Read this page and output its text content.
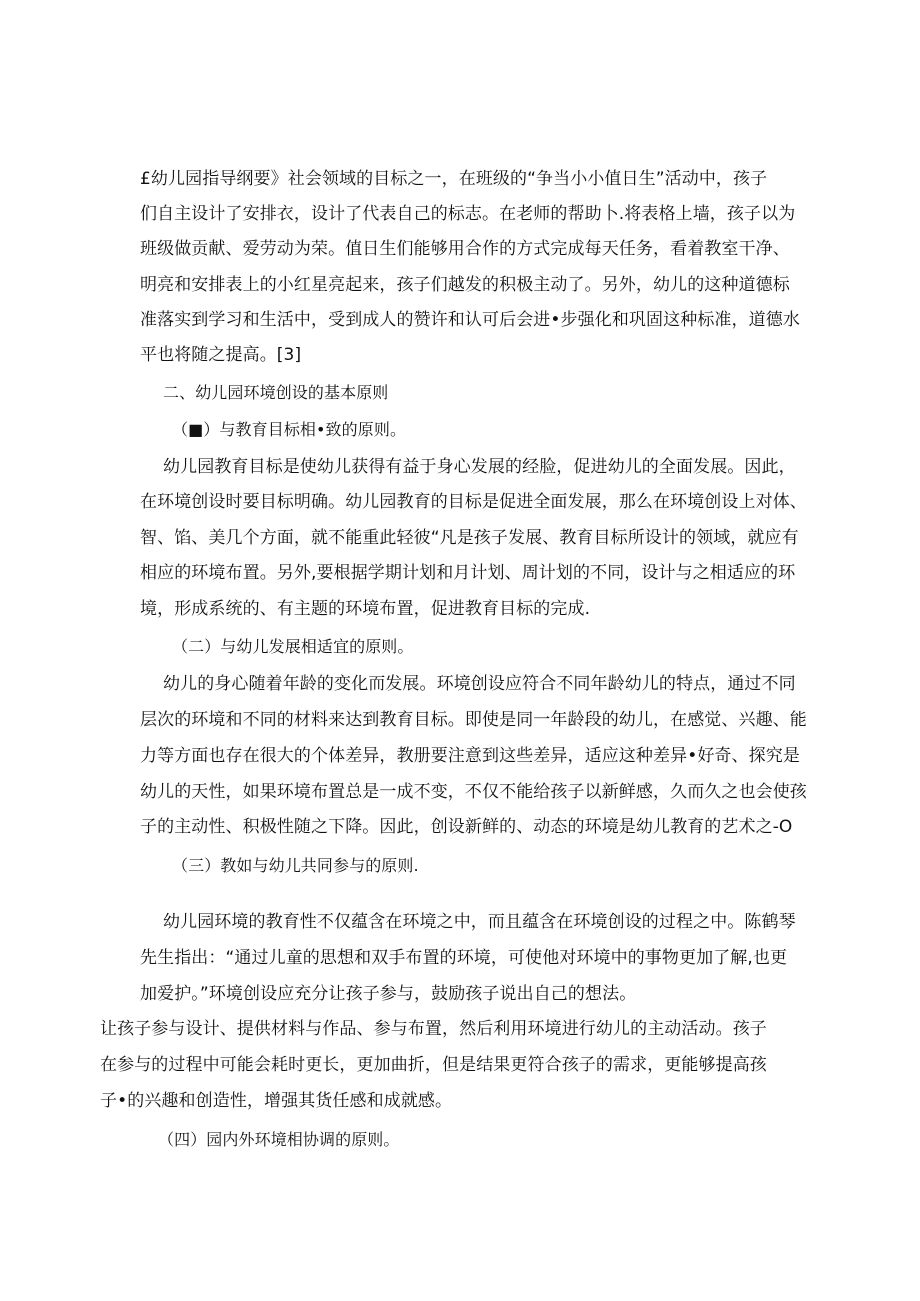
£幼儿园指导纲要》社会领域的目标之一，在班级的“争当小小值日生”活动中，孩子
们自主设计了安排衣，设计了代表自己的标志。在老师的帮助卜.将表格上墙，孩子以为
班级做贡献、爱劳动为荣。值日生们能够用合作的方式完成每天任务，看着教室干净、
明亮和安排表上的小红星亮起来，孩子们越发的积极主动了。另外，幼儿的这种道德标
准落实到学习和生活中，受到成人的赞许和认可后会进•步强化和巩固这种标准，道德水
平也将随之提高。[3]
二、幼儿园环境创设的基本原则
（■）与教育目标相•致的原则。
幼儿园教育目标是使幼儿获得有益于身心发展的经脸，促进幼儿的全面发展。因此，
在环境创设时要目标明确。幼儿园教育的目标是促进全面发展，那么在环境创设上对体、
智、馅、美几个方面，就不能重此轻彼“凡是孩子发展、教育目标所设计的领域，就应有
相应的环境布置。另外,要根据学期计划和月计划、周计划的不同，设计与之相适应的环
境，形成系统的、有主题的环境布置，促进教育目标的完成.
（二）与幼儿发展相适宜的原则。
幼儿的身心随着年龄的变化而发展。环境创设应符合不同年龄幼儿的特点，通过不同
层次的环境和不同的材料来达到教育目标。即使是同一年龄段的幼儿，在感觉、兴趣、能
力等方面也存在很大的个体差异，教册要注意到这些差异，适应这种差异•好奇、探究是
幼儿的天性，如果环境布置总是一成不变，不仅不能给孩子以新鲜感，久而久之也会使孩
子的主动性、积极性随之下降。因此，创设新鲜的、动态的环境是幼儿教育的艺术之-O
（三）教如与幼儿共同参与的原则.
幼儿园环境的教育性不仅蕴含在环境之中，而且蕴含在环境创设的过程之中。陈鹤琴
先生指出：“通过儿童的思想和双手布置的环境，可使他对环境中的事物更加了解,也更
加爱护。”环境创设应充分让孩子参与，鼓励孩子说出自己的想法。
让孩子参与设计、提供材料与作品、参与布置，然后利用环境进行幼儿的主动活动。孩子
在参与的过程中可能会耗时更长，更加曲折，但是结果更符合孩子的需求，更能够提高孩
子•的兴趣和创造性，增强其货任感和成就感。
（四）园内外环境相协调的原则。
